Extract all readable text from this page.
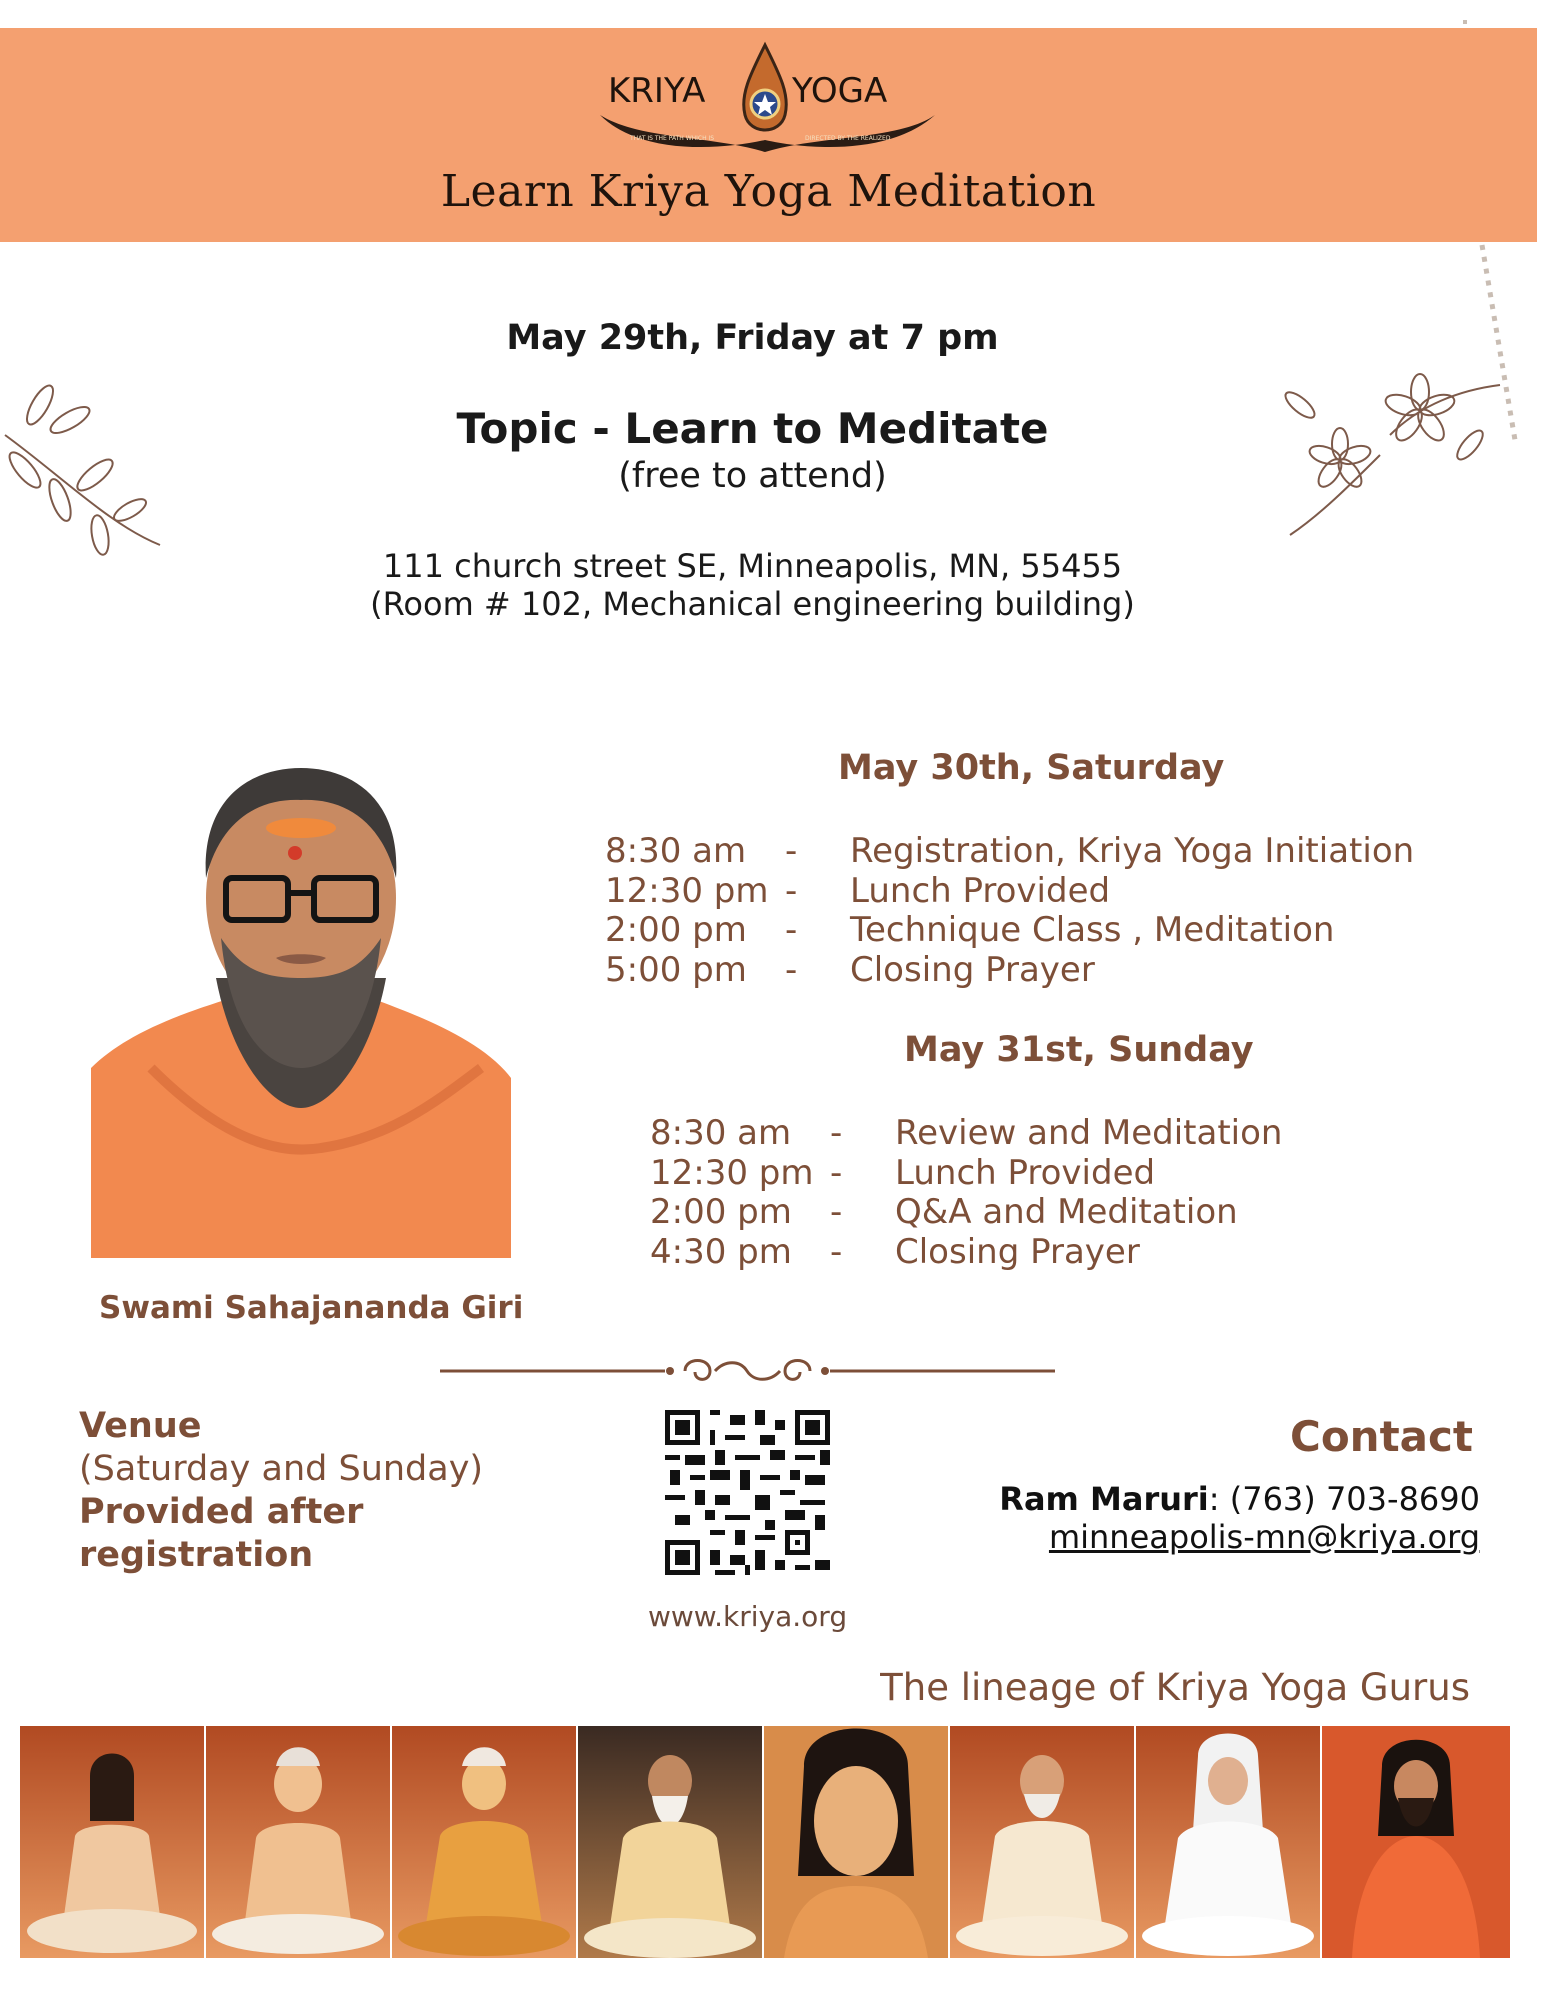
KRIYA	YOGA
THAT IS THE PATH WHICH IS	DIRECTED BY THE REALIZED
Learn Kriya Yoga Meditation
May 29th, Friday at 7 pm
Topic - Learn to Meditate
(free to attend)
111 church street SE, Minneapolis, MN, 55455
(Room # 102, Mechanical engineering building)
Swami Sahajananda Giri
May 30th, Saturday
8:30 am - Registration, Kriya Yoga Initiation
12:30 pm - Lunch Provided
2:00 pm - Technique Class , Meditation
5:00 pm - Closing Prayer
May 31st, Sunday
8:30 am - Review and Meditation
12:30 pm - Lunch Provided
2:00 pm - Q&A and Meditation
4:30 pm - Closing Prayer
Venue
(Saturday and Sunday)
Provided after
registration
www.kriya.org
Contact
Ram Maruri: (763) 703-8690
minneapolis-mn@kriya.org
The lineage of Kriya Yoga Gurus
